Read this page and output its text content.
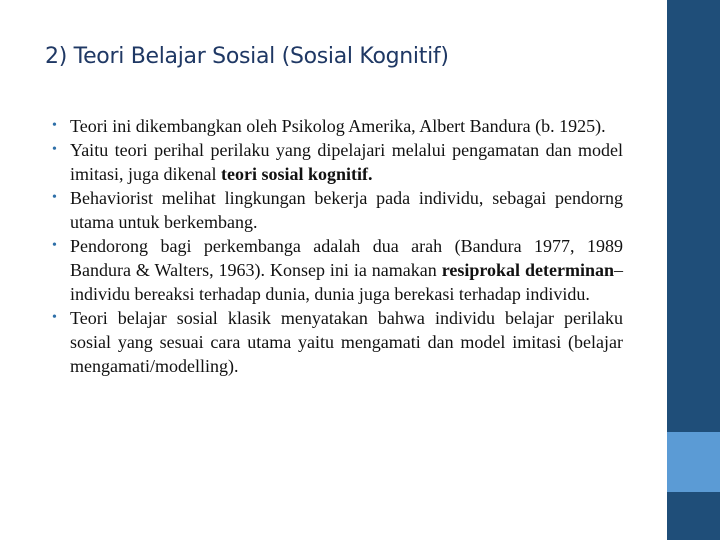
2) Teori Belajar Sosial (Sosial Kognitif)
• Teori ini dikembangkan oleh Psikolog Amerika, Albert Bandura (b. 1925).
• Yaitu teori perihal perilaku yang dipelajari melalui pengamatan dan model imitasi, juga dikenal teori sosial kognitif.
• Behaviorist melihat lingkungan bekerja pada individu, sebagai pendorng utama untuk berkembang.
• Pendorong bagi perkembanga adalah dua arah (Bandura 1977, 1989 Bandura & Walters, 1963). Konsep ini ia namakan resiprokal determinan–individu bereaksi terhadap dunia, dunia juga berekasi terhadap individu.
• Teori belajar sosial klasik menyatakan bahwa individu belajar perilaku sosial yang sesuai cara utama yaitu mengamati dan model imitasi (belajar mengamati/modelling).
